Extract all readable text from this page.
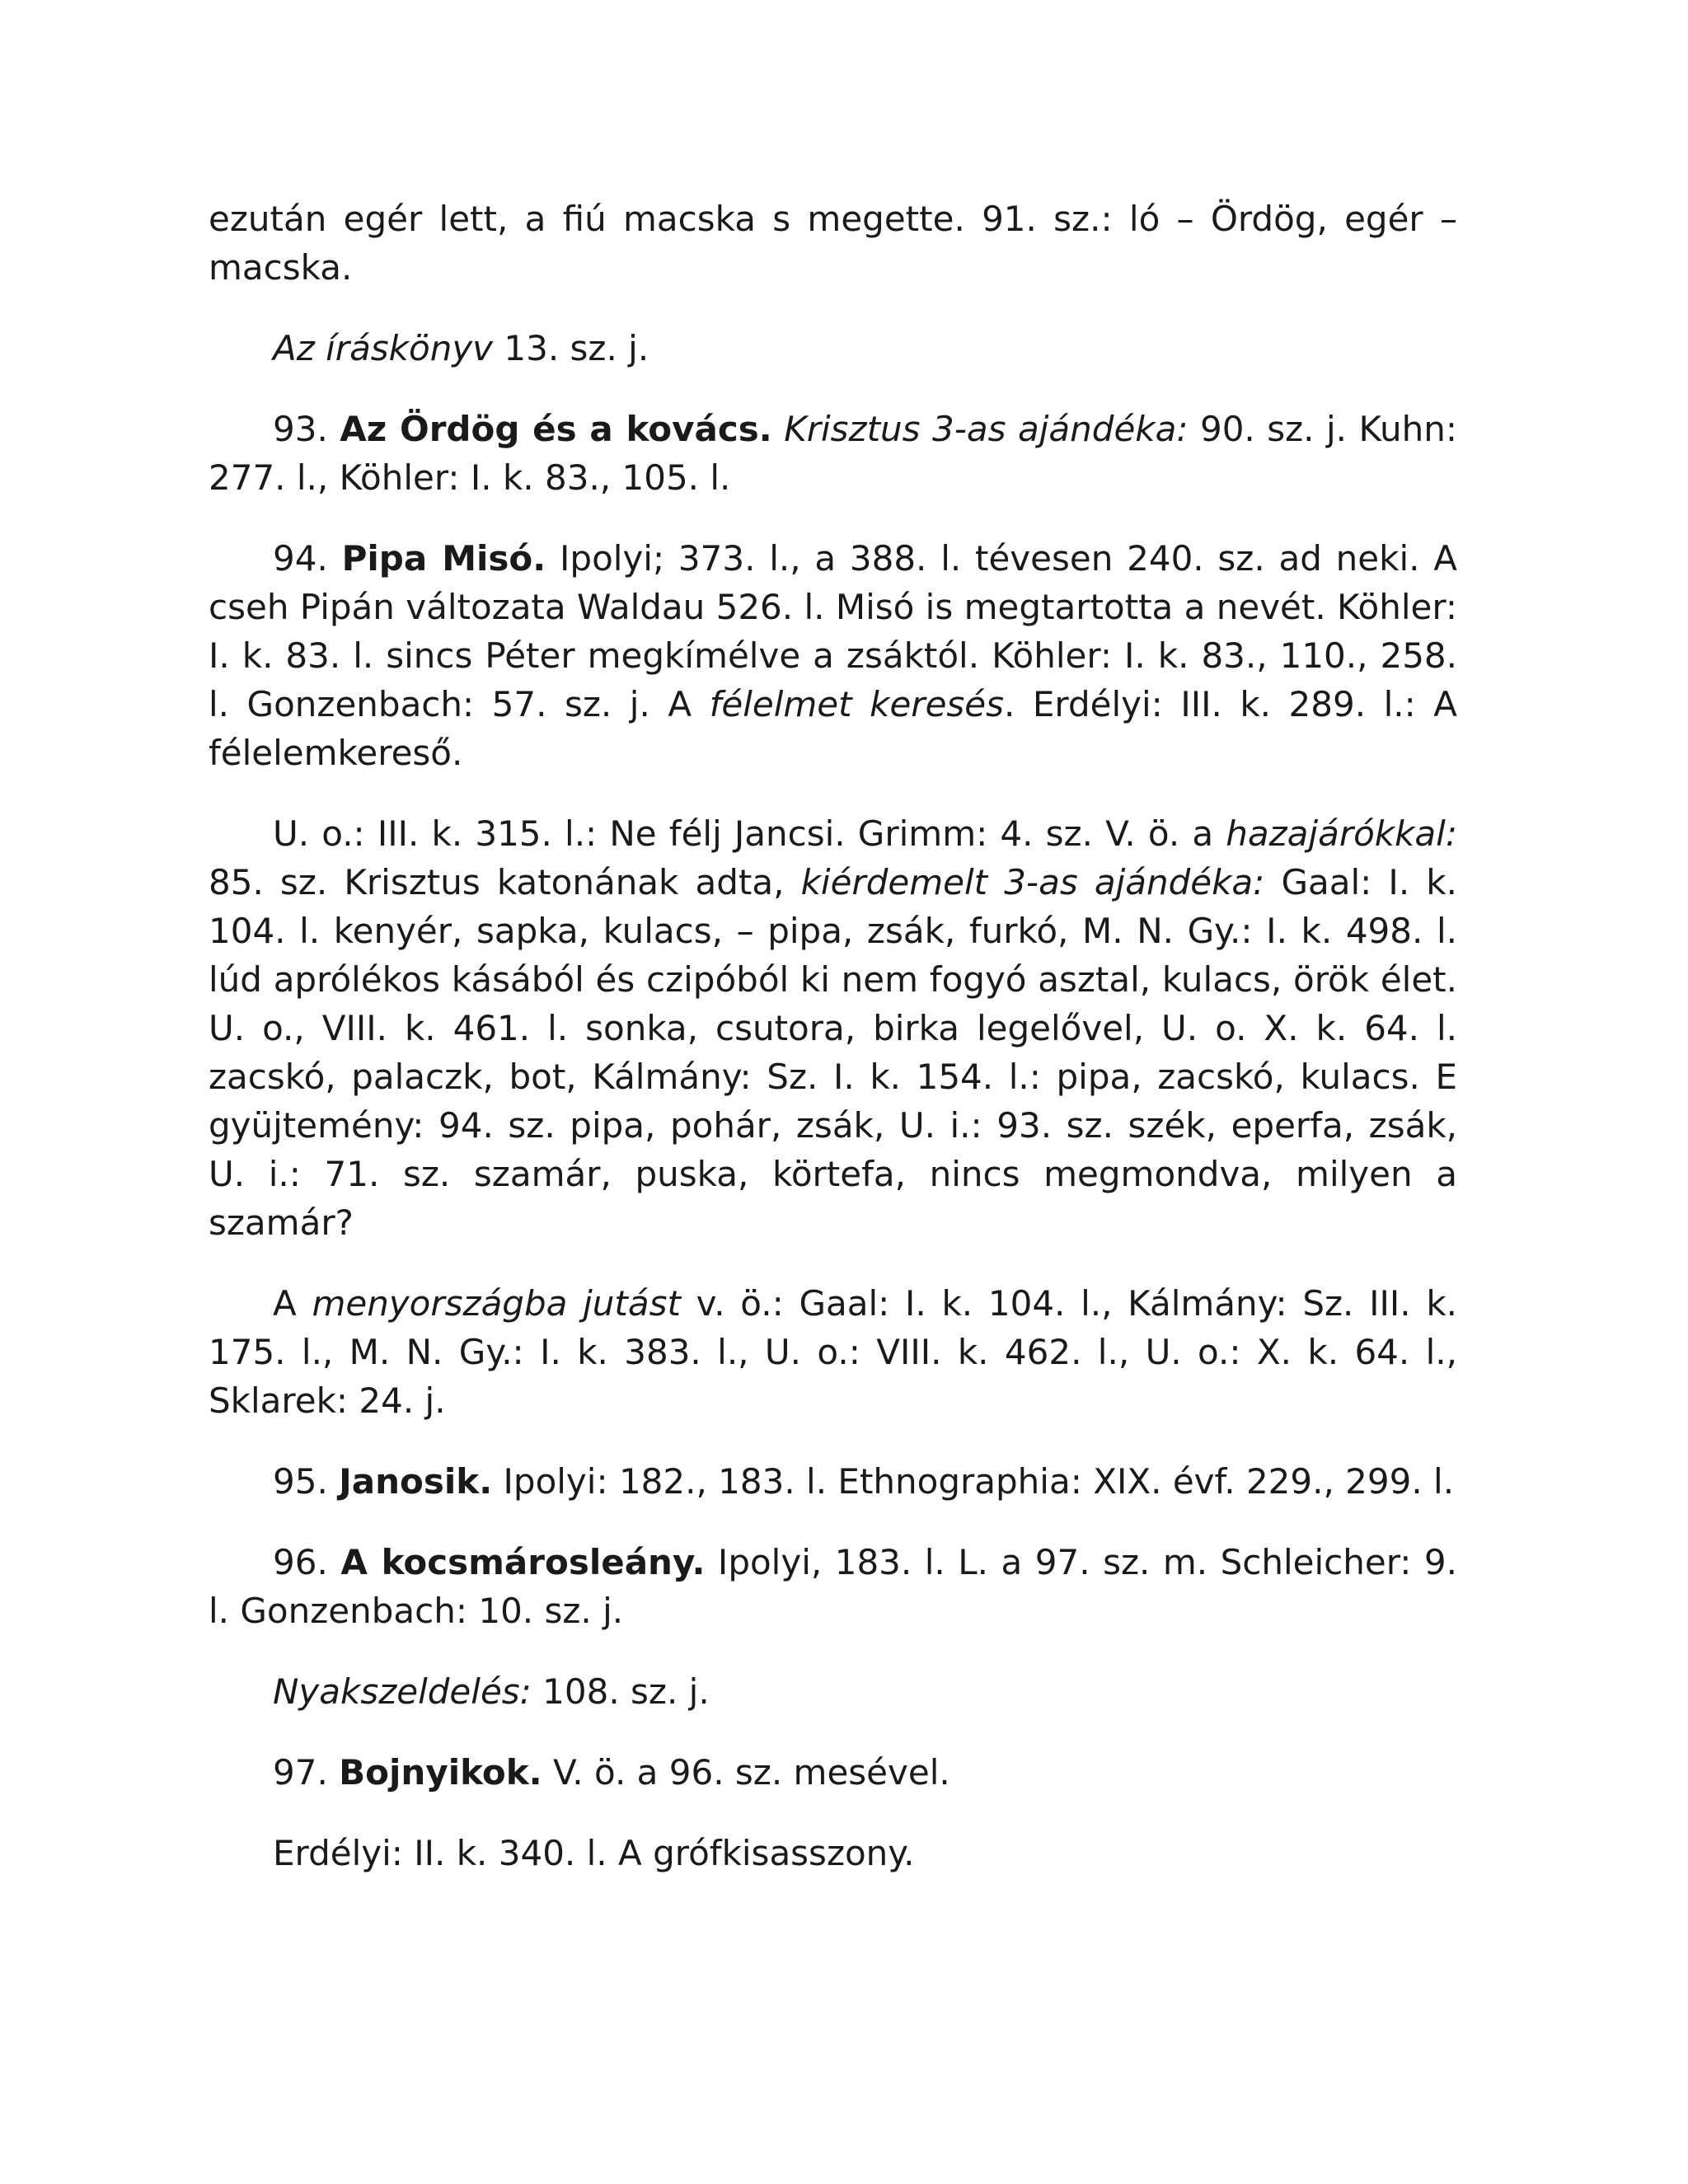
ezután egér lett, a fiú macska s megette. 91. sz.: ló – Ördög, egér – macska.

Az íráskönyv 13. sz. j.

93. Az Ördög és a kovács. Krisztus 3-as ajándéka: 90. sz. j. Kuhn: 277. l., Köhler: I. k. 83., 105. l.

94. Pipa Misó. Ipolyi; 373. l., a 388. l. tévesen 240. sz. ad neki. A cseh Pipán változata Waldau 526. l. Misó is megtartotta a nevét. Köhler: I. k. 83. l. sincs Péter megkímélve a zsáktól. Köhler: I. k. 83., 110., 258. l. Gonzenbach: 57. sz. j. A félelmet keresés. Erdélyi: III. k. 289. l.: A félelemkereső.

U. o.: III. k. 315. l.: Ne félj Jancsi. Grimm: 4. sz. V. ö. a hazajárókkal: 85. sz. Krisztus katonának adta, kiérdemelt 3-as ajándéka: Gaal: I. k. 104. l. kenyér, sapka, kulacs, – pipa, zsák, furkó, M. N. Gy.: I. k. 498. l. lúd aprólékos kásából és czipóból ki nem fogyó asztal, kulacs, örök élet. U. o., VIII. k. 461. l. sonka, csutora, birka legelővel, U. o. X. k. 64. l. zacskó, palaczk, bot, Kálmány: Sz. I. k. 154. l.: pipa, zacskó, kulacs. E gyüjtemény: 94. sz. pipa, pohár, zsák, U. i.: 93. sz. szék, eperfa, zsák, U. i.: 71. sz. szamár, puska, körtefa, nincs megmondva, milyen a szamár?

A menyországba jutást v. ö.: Gaal: I. k. 104. l., Kálmány: Sz. III. k. 175. l., M. N. Gy.: I. k. 383. l., U. o.: VIII. k. 462. l., U. o.: X. k. 64. l., Sklarek: 24. j.

95. Janosik. Ipolyi: 182., 183. l. Ethnographia: XIX. évf. 229., 299. l.

96. A kocsmárosleány. Ipolyi, 183. l. L. a 97. sz. m. Schleicher: 9. l. Gonzenbach: 10. sz. j.

Nyakszeldelés: 108. sz. j.

97. Bojnyikok. V. ö. a 96. sz. mesével.

Erdélyi: II. k. 340. l. A grófkisasszony.
